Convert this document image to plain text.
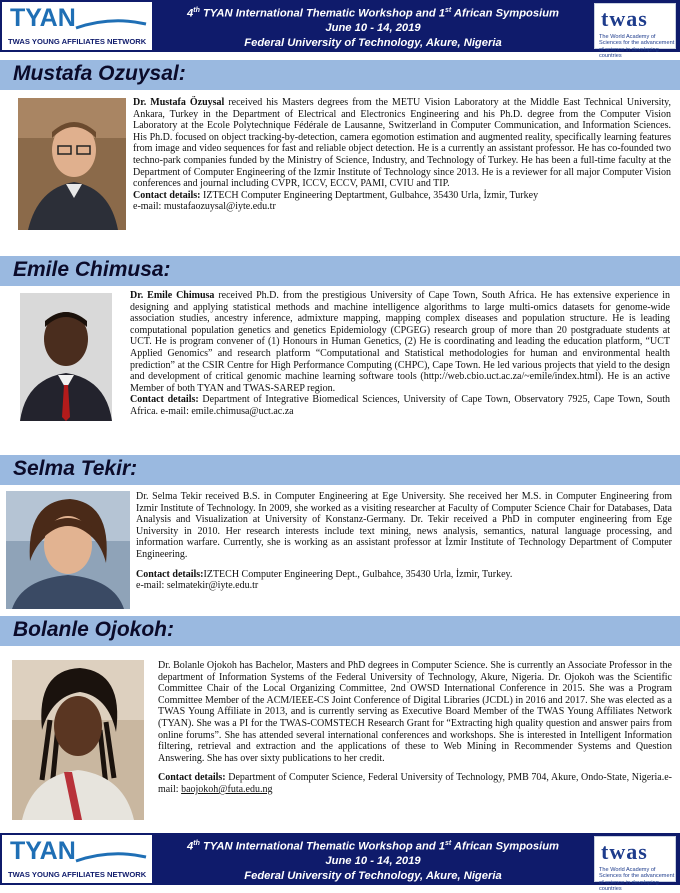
TYAN
TWAS YOUNG AFFILIATES NETWORK
4th TYAN International Thematic Workshop and 1st African Symposium
June 10 - 14, 2019
Federal University of Technology, Akure, Nigeria
twas
The World Academy of Sciences for the advancement of science in developing countries
Mustafa Ozuysal:

Dr. Mustafa Özuysal received his Masters degrees from the METU Vision Laboratory at the Middle East Technical University, Ankara, Turkey in the Department of Electrical and Electronics Engineering and his Ph.D. degree from the Computer Vision Laboratory at the Ecole Polytechnique Fédérale de Lausanne, Switzerland in Computer Communication, and Information Sciences. His Ph.D. focused on object tracking-by-detection, camera egomotion estimation and augmented reality, specifically learning features from image and video sequences for fast and reliable object detection. He is a currently an assistant professor. He has co-founded two techno-park companies funded by the Ministry of Science, Industry, and Technology of Turkey. He has been a full-time faculty at the Department of Computer Engineering of the Izmir Institute of Technology since 2013. He is a reviewer for all major Computer Vision conferences and journal including CVPR, ICCV, ECCV, PAMI, CVIU and TIP.

Contact details: IZTECH Computer Engineering Deptartment, Gulbahce, 35430 Urla, İzmir, Turkey

e-mail: mustafaozuysal@iyte.edu.tr

Emile Chimusa:

Dr. Emile Chimusa received Ph.D. from the prestigious University of Cape Town, South Africa. He has extensive experience in designing and applying statistical methods and machine intelligence algorithms to large multi-omics datasets for genome-wide association studies, ancestry inference, admixture mapping, mapping complex diseases and population structure. He is leading computational population genetics and genetics Epidemiology (CPGEG) research group of more than 20 postgraduate students at UCT. He is program convener of (1) Honours in Human Genetics, (2) He is coordinating and leading the education platform, “UCT Applied Genomics” and research platform “Computational and Statistical methodologies for human and environmental health prediction” at the CSIR Centre for High Performance Computing (CHPC), Cape Town. He led various projects that yield to the design and development of critical genomic machine learning software tools (http://web.cbio.uct.ac.za/~emile/index.html). He is an active Member of both TYAN and TWAS-SAREP region.

Contact details: Department of Integrative Biomedical Sciences, University of Cape Town, Observatory 7925, Cape Town, South Africa. e-mail: emile.chimusa@uct.ac.za

Selma Tekir:

Dr. Selma Tekir received B.S. in Computer Engineering at Ege University. She received her M.S. in Computer Engineering from Izmir Institute of Technology. In 2009, she worked as a visiting researcher at Faculty of Computer Science Chair for Databases, Data Analysis and Visualization at University of Konstanz-Germany. Dr. Tekir received a PhD in computer engineering from Ege University in 2010. Her research interests include text mining, news analysis, semantics, natural language processing, and information warfare. Currently, she is working as an assistant professor at İzmir Institute of Technology Department of Computer Engineering.

Contact details:IZTECH Computer Engineering Dept., Gulbahce, 35430 Urla, İzmir, Turkey.

e-mail: selmatekir@iyte.edu.tr

Bolanle Ojokoh:

Dr. Bolanle Ojokoh has Bachelor, Masters and PhD degrees in Computer Science. She is currently an Associate Professor in the department of Information Systems of the Federal University of Technology, Akure, Nigeria. Dr. Ojokoh was the Scientific Committee Chair of the Local Organizing Committee, 2nd OWSD International Conference in 2015. She was a Program Committee Member of the ACM/IEEE-CS Joint Conference of Digital Libraries (JCDL) in 2016 and 2017. She was elected as a TWAS Young Affiliate in 2013, and is currently serving as Executive Board Member of the TWAS Young Affiliates Network (TYAN). She was a PI for the TWAS-COMSTECH Research Grant for “Extracting high quality question and answer pairs from online forums”. She has attended several international conferences and workshops. She is interested in Intelligent Information filtering, retrieval and extraction and the applications of these to Web Mining in Recommender Systems and Question Answering. She has over sixty publications to her credit.

Contact details: Department of Computer Science, Federal University of Technology, PMB 704, Akure, Ondo-State, Nigeria.e-mail: baojokoh@futa.edu.ng

TYAN
TWAS YOUNG AFFILIATES NETWORK
4th TYAN International Thematic Workshop and 1st African Symposium
June 10 - 14, 2019
Federal University of Technology, Akure, Nigeria
twas
The World Academy of Sciences for the advancement of science in developing countries
